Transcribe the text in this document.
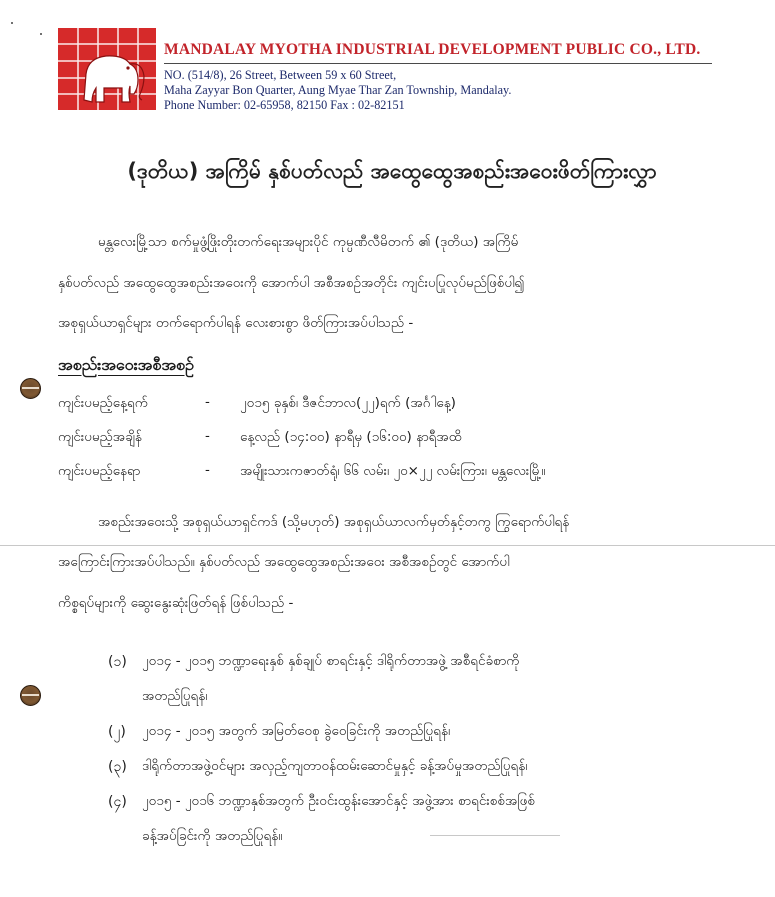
MANDALAY MYOTHA INDUSTRIAL DEVELOPMENT PUBLIC CO., LTD.
NO. (514/8), 26 Street, Between 59 x 60 Street,
Maha Zayyar Bon Quarter, Aung Myae Thar Zan Township, Mandalay.
Phone Number: 02-65958, 82150 Fax : 02-82151
(ဒုတိယ) အကြိမ် နှစ်ပတ်လည် အထွေထွေအစည်းအဝေးဖိတ်ကြားလွှာ
မန္တလေးမြို့သာ စက်မှုဖွံ့ဖြိုးတိုးတက်ရေးအများပိုင် ကုမ္ပဏီလီမိတက် ၏ (ဒုတိယ) အကြိမ်
နှစ်ပတ်လည် အထွေထွေအစည်းအဝေးကို အောက်ပါ အစီအစဉ်အတိုင်း ကျင်းပပြုလုပ်မည်ဖြစ်ပါ၍
အစုရှယ်ယာရှင်များ တက်ရောက်ပါရန် လေးစားစွာ ဖိတ်ကြားအပ်ပါသည် -
အစည်းအဝေးအစီအစဉ်
ကျင်းပမည့်နေ့ရက်	- ၂၀၁၅ ခုနှစ်၊ ဒီဇင်ဘာလ(၂၂)ရက် (အင်္ဂါနေ့)
ကျင်းပမည့်အချိန်	- နေ့လည် (၁၄:၀၀) နာရီမှ (၁၆:၀၀) နာရီအထိ
ကျင်းပမည့်နေရာ	- အမျိုးသားကဇာတ်ရုံ၊ ၆၆ လမ်း၊ ၂၀×၂၂ လမ်းကြား၊ မန္တလေးမြို့။
အစည်းအဝေးသို့ အစုရှယ်ယာရှင်ကဒ် (သို့မဟုတ်) အစုရှယ်ယာလက်မှတ်နှင့်တကွ ကြွရောက်ပါရန်
အကြောင်းကြားအပ်ပါသည်။ နှစ်ပတ်လည် အထွေထွေအစည်းအဝေး အစီအစဉ်တွင် အောက်ပါ
ကိစ္စရပ်များကို ဆွေးနွေးဆုံးဖြတ်ရန် ဖြစ်ပါသည် -
(၁) ၂၀၁၄ - ၂၀၁၅ ဘဏ္ဍာရေးနှစ် နှစ်ချုပ် စာရင်းနှင့် ဒါရိုက်တာအဖွဲ့ အစီရင်ခံစာကို
အတည်ပြုရန်၊
(၂) ၂၀၁၄ - ၂၀၁၅ အတွက် အမြတ်ဝေစု ခွဲဝေခြင်းကို အတည်ပြုရန်၊
(၃) ဒါရိုက်တာအဖွဲ့ဝင်များ အလှည့်ကျတာဝန်ထမ်းဆောင်မှုနှင့် ခန့်အပ်မှုအတည်ပြုရန်၊
(၄) ၂၀၁၅ - ၂၀၁၆ ဘဏ္ဍာနှစ်အတွက် ဦးဝင်းထွန်းအောင်နှင့် အဖွဲ့အား စာရင်းစစ်အဖြစ်
ခန့်အပ်ခြင်းကို အတည်ပြုရန်။
